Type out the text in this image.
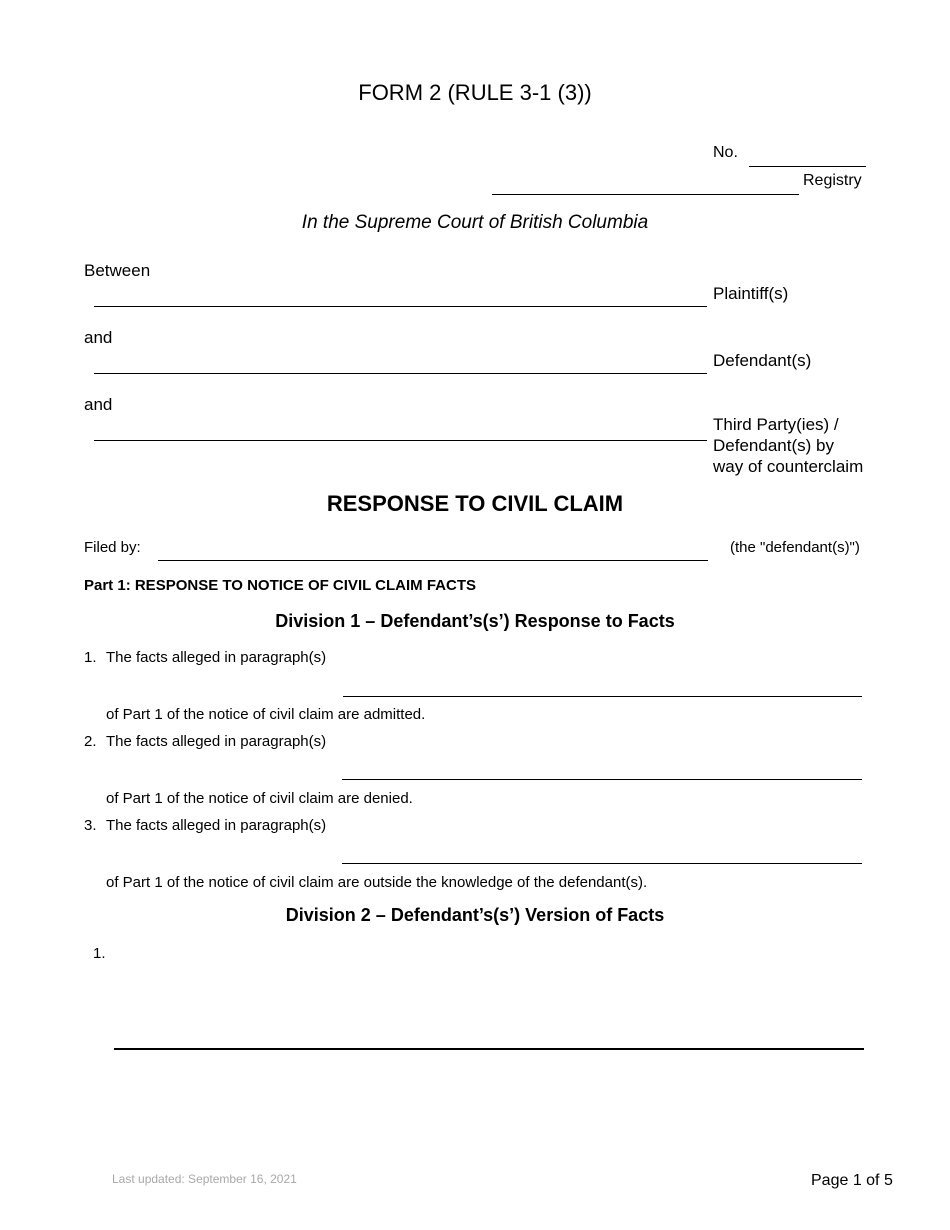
FORM 2 (RULE 3-1 (3))
No.
Registry
In the Supreme Court of British Columbia
Between
Plaintiff(s)
and
Defendant(s)
and
Third Party(ies) /
Defendant(s) by
way of counterclaim
RESPONSE TO CIVIL CLAIM
Filed by:	(the "defendant(s)")
Part 1: RESPONSE TO NOTICE OF CIVIL CLAIM FACTS
Division 1 – Defendant’s(s’) Response to Facts
1. The facts alleged in paragraph(s)
of Part 1 of the notice of civil claim are admitted.
2. The facts alleged in paragraph(s)
of Part 1 of the notice of civil claim are denied.
3. The facts alleged in paragraph(s)
of Part 1 of the notice of civil claim are outside the knowledge of the defendant(s).
Division 2 – Defendant’s(s’) Version of Facts
1.
Last updated: September 16, 2021	Page 1 of 5
